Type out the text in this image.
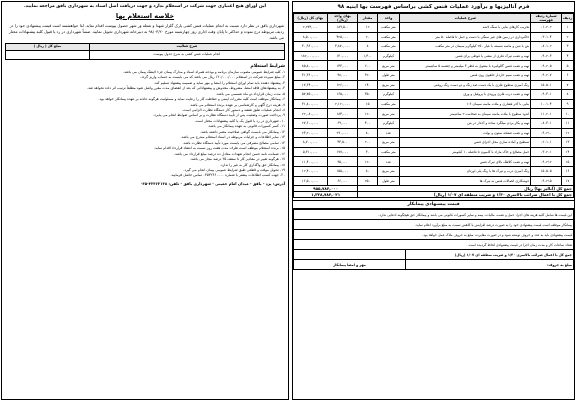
این اوراق هیچ اعتباری جهت شرکت در استعلام ندارد و جهت دریافت اصل اسناد به شهرداری باقق مراجعه نمایید.
خلاصه استعلام بها

شهرداری باقق در نظر دارد نسبت به انجام عملیات فنس کشی پارک گلزار شهدا و شعله ور شهر حصول پیوست اقدام نماید. لذا خواهشمند است قیمت پیشنهادی خود را در ردیف مربوطه درج نموده و حداکثر تا پایان وقت اداری روز چهارشنبه مورخ ۹۸/۰۳/۲۰ به دبیرخانه شهرداری تحویل نمایید. ضمناً شهرداری در رد یا قبول کلیه پیشنهادات مختار می باشد.

شرح فعالیت	مبلغ کل ( ریال )
انجام عملیات فنس کشی به شرح جدول پیوست	
شرایط استعلام
۱- کلیه شرایط عمومی مصوب سازمان برنامه و بودجه همراه اسناد و مدارک پیمان جزء لاینفک پیمان می باشد.
۲- مبلغ سپرده شرکت در استعلام ۱۲۰/۰۰۰/۰۰۰ ریال می باشد که می بایست به حساب واریز گردد.
۳- پیشنهاد دهنده باید تمام اوراق استعلام را امضا و مهر نماید و ضمیمه پیشنهاد تسلیم کند.
۴- به پیشنهادهای فاقد امضا، مشروط، مخدوش و پیشنهاداتی که بعد از انقضای مدت مقرر واصل شود مطلقاً ترتیب اثر داده نخواهد شد.
۵- مدت زمان قرارداد دو ماه شمسی می باشد.
۶- پیمانکار موظف است کلیه مقررات ایمنی و حفاظت کار را رعایت نماید و مسئولیت هرگونه حادثه بر عهده پیمانکار خواهد بود.
۷- هزینه درج آگهی و کارشناسی بر عهده برنده استعلام می باشد.
۸- انجام عملیات طبق نقشه و دستور کار دستگاه نظارت الزامی است.
۹- پرداخت صورت وضعیت پس از تأیید دستگاه نظارت و بر اساس ضوابط انجام می پذیرد.
۱۰- شهرداری در رد یا قبول یک یا کلیه پیشنهادات مختار است.
۱۱- کسر کسورات قانونی به عهده پیمانکار می باشد.
۱۲- پیمانکار می بایست گواهی صلاحیت معتبر داشته باشد.
۱۳- سایر اطلاعات و جزئیات مربوطه در اسناد استعلام مندرج می باشد.
۱۴- تمامی مصالح مصرفی می بایست مورد تأیید دستگاه نظارت باشد.
۱۵- برنده استعلام موظف است ظرف مدت هفت روز نسبت به انعقاد قرارداد اقدام نماید.
۱۶- ضمانت نامه حسن انجام تعهدات معادل ده درصد مبلغ قرارداد می باشد.
۱۷- هرگونه تغییر در مقادیر کار تا سقف ۲۵ درصد مجاز می باشد.
۱۸- پیمانکار حق واگذاری کار به غیر را ندارد.
۱۹- تحویل موقت و قطعی طبق شرایط عمومی پیمان انجام می گیرد.
۲۰- جهت کسب اطلاعات بیشتر با شماره ۰۳۵۳۲۴۶۰۰۰۰ تماس حاصل فرمایید.
آدرس: یزد - باقق - میدان امام خمینی - شهرداری باقق - تلفن: ۳۲۴۶۲۱۳۸-۰۳۵
فرم آنالیزبها و برآورد عملیات فنس کشی براساس فهرست بها ابنیه ۹۸
ردیف	شماره ردیف فهرست	شرح عملیات	واحد	مقدار	بهای واحد (ریال)	بهای کل (ریال)
۱	۰۱۰۲۰۲	تخریب کارهای بنایی با سنگ لاشه	متر مکعب	۱۲	۱۸۹,۵۰۰	۲,۲۷۴,۰۰۰
۲	۰۳۰۱۰۴	خاکبرداری در زمین های غیر سنگی با دست و حمل تا فاصله ۵۰ متر	متر مکعب	۲۰	۴۲۵,۰۰۰	۸,۵۰۰,۰۰۰
۳	۰۸۰۱۰۲	بتن با شن و ماسه شسته با عیار ۲۵۰ کیلوگرم سیمان در متر مکعب	متر مکعب	۸	۳,۸۷۰,۰۰۰	۳۰,۹۶۰,۰۰۰
۴	۰۹۰۲۰۳	تهیه و نصب تیرک فلزی از نبشی یا قوطی برای فنس	کیلوگرم	۱,۴۰۰	۱۳۰,۰۰۰	۱۸۲,۰۰۰,۰۰۰
۵	۰۹۰۲۰۵	تهیه و نصب فنس گالوانیزه با مفتول به قطر ۳ میلیمتر و چشمه ۵ سانتیمتر	متر مربع	۶۰۰	۱۴۳,۰۰۰	۸۵,۸۰۰,۰۰۰
۶	۰۹۰۲۰۷	تهیه و نصب سیم خاردار حلقوی روی فنس	متر طول	۳۲۰	۹۸,۰۰۰	۳۱,۳۶۰,۰۰۰
۷	۱۵۰۵۰۱	رنگ آمیزی سطوح فلزی با یک دست ضد زنگ و دو دست رنگ روغنی	متر مربع	۱۴۰	۱۲۶,۰۰۰	۱۷,۶۴۰,۰۰۰
۸	۰۹۰۳۰۱	تهیه و نصب درب فلزی ورودی با پروفیل و ورق	کیلوگرم	۳۵۰	۱۶۵,۰۰۰	۵۷,۷۵۰,۰۰۰
۹	۱۰۰۱۰۴	بنایی با آجر فشاری و ملات ماسه سیمان ۱:۶	متر مکعب	۱۵	۲,۱۲۰,۰۰۰	۳۱,۸۰۰,۰۰۰
۱۰	۱۱۰۲۰۱	اندود سطوح با ملات ماسه سیمان به ضخامت ۲ سانتیمتر	متر مربع	۱۲۰	۱۸۴,۰۰۰	۲۲,۰۸۰,۰۰۰
۱۱	۰۸۰۳۰۱	تهیه و بکار بردن میلگرد ساده و آجدار در بتن	کیلوگرم	۴۰۰	۶۹,۰۰۰	۲۷,۶۰۰,۰۰۰
۱۲	۰۹۰۲۱۰	تهیه و نصب صفحه ستون و بولت	عدد	۸۰	۲۹۰,۰۰۰	۲۳,۲۰۰,۰۰۰
۱۳	۰۲۰۱۰۱	تسطیح و آماده سازی محل اجرای فنس	متر مربع	۲۰۰	۴۳,۵۰۰	۸,۷۰۰,۰۰۰
۱۴	۰۳۰۲۰۱	حمل مصالح و خاک مازاد با کامیون تا فاصله ۱۰ کیلومتر	متر مکعب	۳۰	۱۷۷,۰۰۰	۵,۳۱۰,۰۰۰
۱۵	۰۹۰۲۱۲	تهیه و نصب کلاهک بالای تیرک فنس	عدد	۱۲۰	۹۵,۰۰۰	۱۱,۴۰۰,۰۰۰
۱۶	۱۵۰۵۰۵	رنگ آمیزی درب و تیرک ها با رنگ پلی اورتان	متر مربع	۸۰	۱۵۵,۰۰۰	۱۲,۴۰۰,۰۰۰
۱۷	۰۹۰۲۱۵	جوشکاری اتصالات فنس به تیرک ها	متر طول	۲۵۰	۶۶,۰۰۰	۱۶,۵۰۰,۰۰۰
جمع کل (آنالیز بها) ریال					۹۵۵,۷۸۴,۰۰۰	
جمع کل با اعمال ضرائب بالاسری ۱/۳۰ و ضریب منطقه ای ۱/۰۷ (ریال)					۱,۳۲۸,۷۸۴,۰۲۱	
قیمت پیشنهادی پیمانکار
این قیمت ها شامل کلیه هزینه های اجرا، حمل و نصب، مالیات، بیمه و سایر کسورات قانونی می باشد و پیمانکار حق هیچگونه ادعایی ندارد.	
پیمانکار موظف است قیمت پیشنهادی خود را به صورت درصد افزایش یا کاهش نسبت به مبلغ برآورد اعلام نماید.	
قیمت پیشنهادی باید به عدد و حروف نوشته شود و در صورت مغایرت، مبلغ به حروف ملاک عمل خواهد بود.	
تعداد ساعات کار و مدت زمان اجرا در قیمت پیشنهادی لحاظ گردیده است.	
جمع کل با اعمال ضرائب بالاسری ۱/۳۰ و ضریب منطقه ای ۱/۰۷ (ریال)	
مبلغ به حروف:	مهر و امضا پیمانکار
